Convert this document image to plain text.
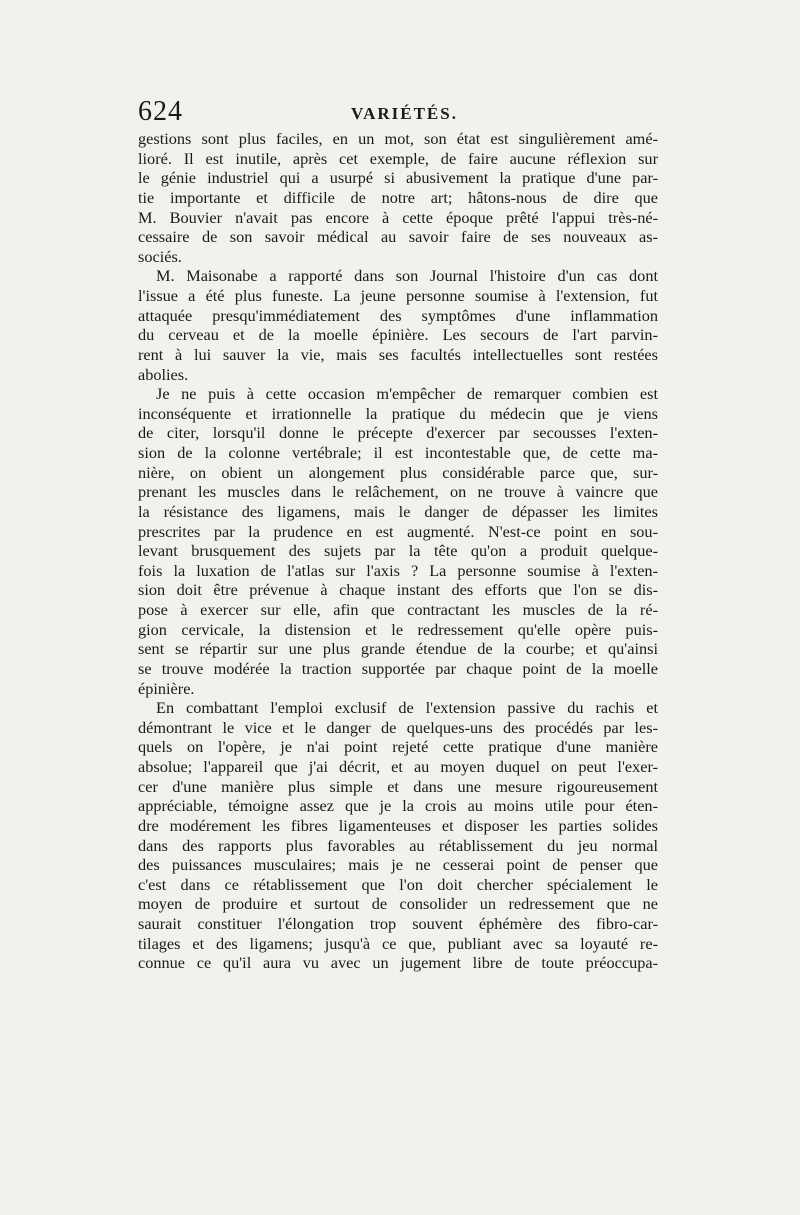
624	VARIÉTÉS.
gestions sont plus faciles, en un mot, son état est singulièrement amé-
lioré. Il est inutile, après cet exemple, de faire aucune réflexion sur
le génie industriel qui a usurpé si abusivement la pratique d'une par-
tie importante et difficile de notre art; hâtons-nous de dire que
M. Bouvier n'avait pas encore à cette époque prêté l'appui très-né-
cessaire de son savoir médical au savoir faire de ses nouveaux as-
sociés.
M. Maisonabe a rapporté dans son Journal l'histoire d'un cas dont
l'issue a été plus funeste. La jeune personne soumise à l'extension, fut
attaquée presqu'immédiatement des symptômes d'une inflammation
du cerveau et de la moelle épinière. Les secours de l'art parvin-
rent à lui sauver la vie, mais ses facultés intellectuelles sont restées
abolies.
Je ne puis à cette occasion m'empêcher de remarquer combien est
inconséquente et irrationnelle la pratique du médecin que je viens
de citer, lorsqu'il donne le précepte d'exercer par secousses l'exten-
sion de la colonne vertébrale; il est incontestable que, de cette ma-
nière, on obient un alongement plus considérable parce que, sur-
prenant les muscles dans le relâchement, on ne trouve à vaincre que
la résistance des ligamens, mais le danger de dépasser les limites
prescrites par la prudence en est augmenté. N'est-ce point en sou-
levant brusquement des sujets par la tête qu'on a produit quelque-
fois la luxation de l'atlas sur l'axis ? La personne soumise à l'exten-
sion doit être prévenue à chaque instant des efforts que l'on se dis-
pose à exercer sur elle, afin que contractant les muscles de la ré-
gion cervicale, la distension et le redressement qu'elle opère puis-
sent se répartir sur une plus grande étendue de la courbe; et qu'ainsi
se trouve modérée la traction supportée par chaque point de la moelle
épinière.
En combattant l'emploi exclusif de l'extension passive du rachis et
démontrant le vice et le danger de quelques-uns des procédés par les-
quels on l'opère, je n'ai point rejeté cette pratique d'une manière
absolue; l'appareil que j'ai décrit, et au moyen duquel on peut l'exer-
cer d'une manière plus simple et dans une mesure rigoureusement
appréciable, témoigne assez que je la crois au moins utile pour éten-
dre modérement les fibres ligamenteuses et disposer les parties solides
dans des rapports plus favorables au rétablissement du jeu normal
des puissances musculaires; mais je ne cesserai point de penser que
c'est dans ce rétablissement que l'on doit chercher spécialement le
moyen de produire et surtout de consolider un redressement que ne
saurait constituer l'élongation trop souvent éphémère des fibro-car-
tilages et des ligamens; jusqu'à ce que, publiant avec sa loyauté re-
connue ce qu'il aura vu avec un jugement libre de toute préoccupa-
